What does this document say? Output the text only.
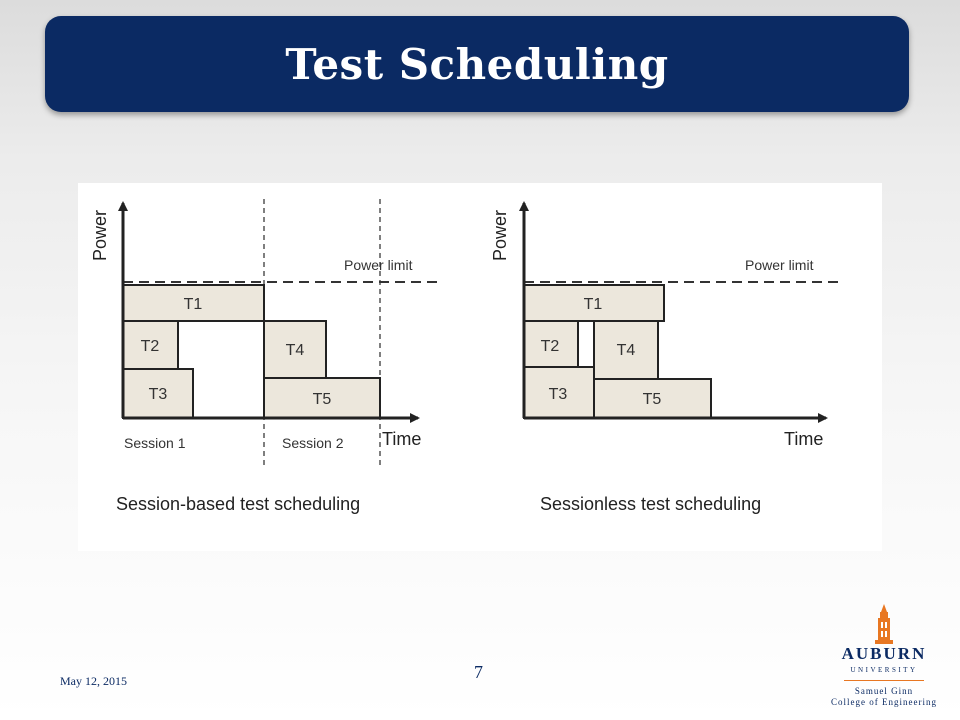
Test Scheduling
T1
T2
T3
T4
T5
Power limit
Power
Time
Session 1	Session 2
Session-based test scheduling
T1
T2
T3
T4
T5
Power limit
Power
Time
Sessionless test scheduling
May 12, 2015	7
AUBURN
UNIVERSITY
Samuel Ginn
College of Engineering
